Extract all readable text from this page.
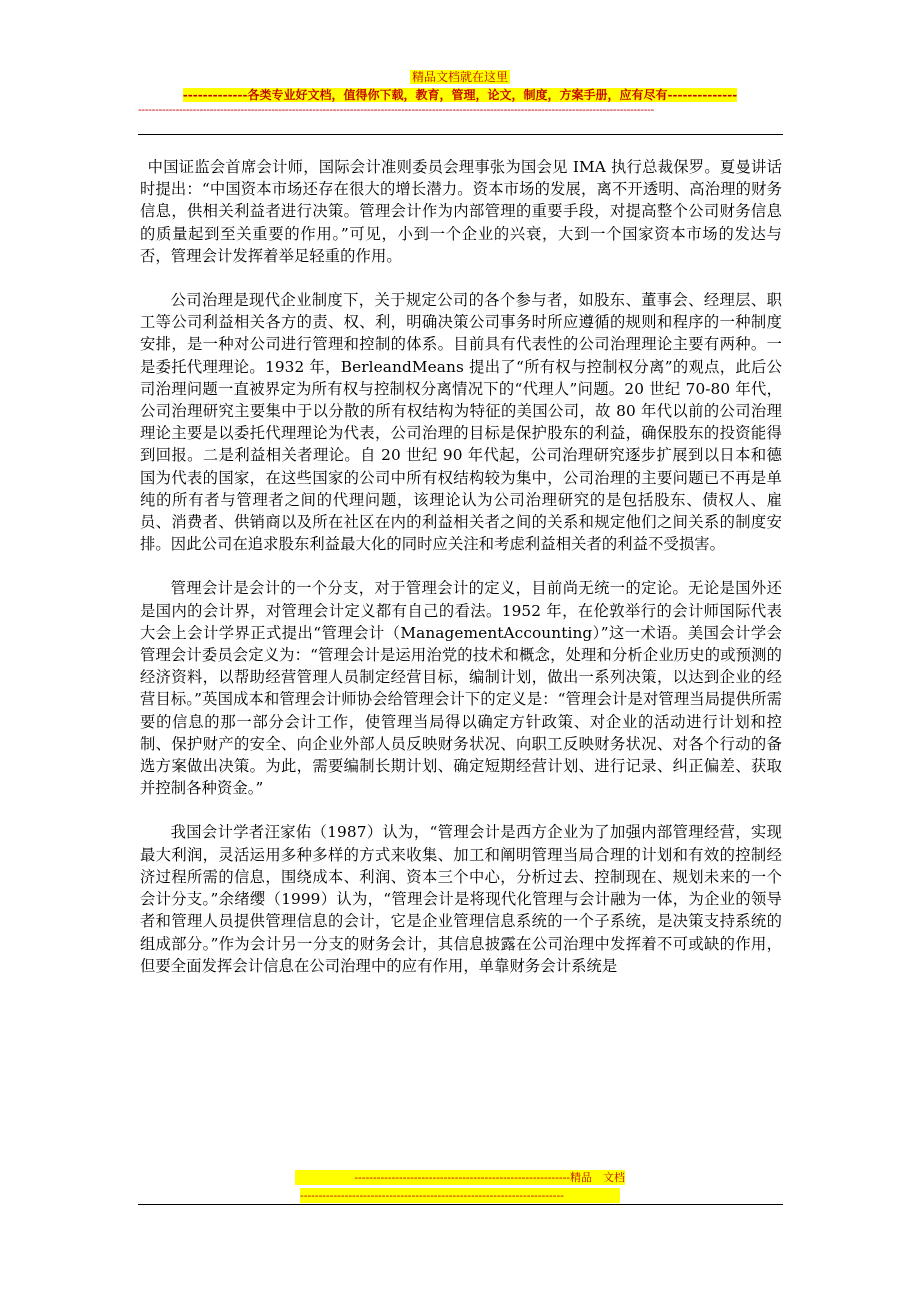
精品文档就在这里
-------------各类专业好文档，值得你下载，教育，管理，论文，制度，方案手册，应有尽有--------------
-------------------------------------------------------------------------------------------------------------------------------------------------------

中国证监会首席会计师，国际会计准则委员会理事张为国会见 IMA 执行总裁保罗。夏曼讲话时提出：“中国资本市场还存在很大的增长潜力。资本市场的发展，离不开透明、高治理的财务信息，供相关利益者进行决策。管理会计作为内部管理的重要手段，对提高整个公司财务信息的质量起到至关重要的作用。”可见，小到一个企业的兴衰，大到一个国家资本市场的发达与否，管理会计发挥着举足轻重的作用。

公司治理是现代企业制度下，关于规定公司的各个参与者，如股东、董事会、经理层、职工等公司利益相关各方的责、权、利，明确决策公司事务时所应遵循的规则和程序的一种制度安排，是一种对公司进行管理和控制的体系。目前具有代表性的公司治理理论主要有两种。一是委托代理理论。1932 年，BerleandMeans 提出了“所有权与控制权分离”的观点，此后公司治理问题一直被界定为所有权与控制权分离情况下的“代理人”问题。20 世纪 70-80 年代，公司治理研究主要集中于以分散的所有权结构为特征的美国公司，故 80 年代以前的公司治理理论主要是以委托代理理论为代表，公司治理的目标是保护股东的利益，确保股东的投资能得到回报。二是利益相关者理论。自 20 世纪 90 年代起，公司治理研究逐步扩展到以日本和德国为代表的国家，在这些国家的公司中所有权结构较为集中，公司治理的主要问题已不再是单纯的所有者与管理者之间的代理问题，该理论认为公司治理研究的是包括股东、债权人、雇员、消费者、供销商以及所在社区在内的利益相关者之间的关系和规定他们之间关系的制度安排。因此公司在追求股东利益最大化的同时应关注和考虑利益相关者的利益不受损害。

管理会计是会计的一个分支，对于管理会计的定义，目前尚无统一的定论。无论是国外还是国内的会计界，对管理会计定义都有自己的看法。1952 年，在伦敦举行的会计师国际代表大会上会计学界正式提出“管理会计（ManagementAccounting）”这一术语。美国会计学会管理会计委员会定义为：“管理会计是运用治党的技术和概念，处理和分析企业历史的或预测的经济资料，以帮助经营管理人员制定经营目标，编制计划，做出一系列决策，以达到企业的经营目标。”英国成本和管理会计师协会给管理会计下的定义是：“管理会计是对管理当局提供所需要的信息的那一部分会计工作，使管理当局得以确定方针政策、对企业的活动进行计划和控制、保护财产的安全、向企业外部人员反映财务状况、向职工反映财务状况、对各个行动的备选方案做出决策。为此，需要编制长期计划、确定短期经营计划、进行记录、纠正偏差、获取并控制各种资金。”

我国会计学者汪家佑（1987）认为，“管理会计是西方企业为了加强内部管理经营，实现最大利润，灵活运用多种多样的方式来收集、加工和阐明管理当局合理的计划和有效的控制经济过程所需的信息，围绕成本、利润、资本三个中心，分析过去、控制现在、规划未来的一个会计分支。”余绪缨（1999）认为，“管理会计是将现代化管理与会计融为一体，为企业的领导者和管理人员提供管理信息的会计，它是企业管理信息系统的一个子系统，是决策支持系统的组成部分。”作为会计另一分支的财务会计，其信息披露在公司治理中发挥着不可或缺的作用，但要全面发挥会计信息在公司治理中的应有作用，单靠财务会计系统是

----------------------------------------------------------精品　文档
-----------------------------------------------------------------------
